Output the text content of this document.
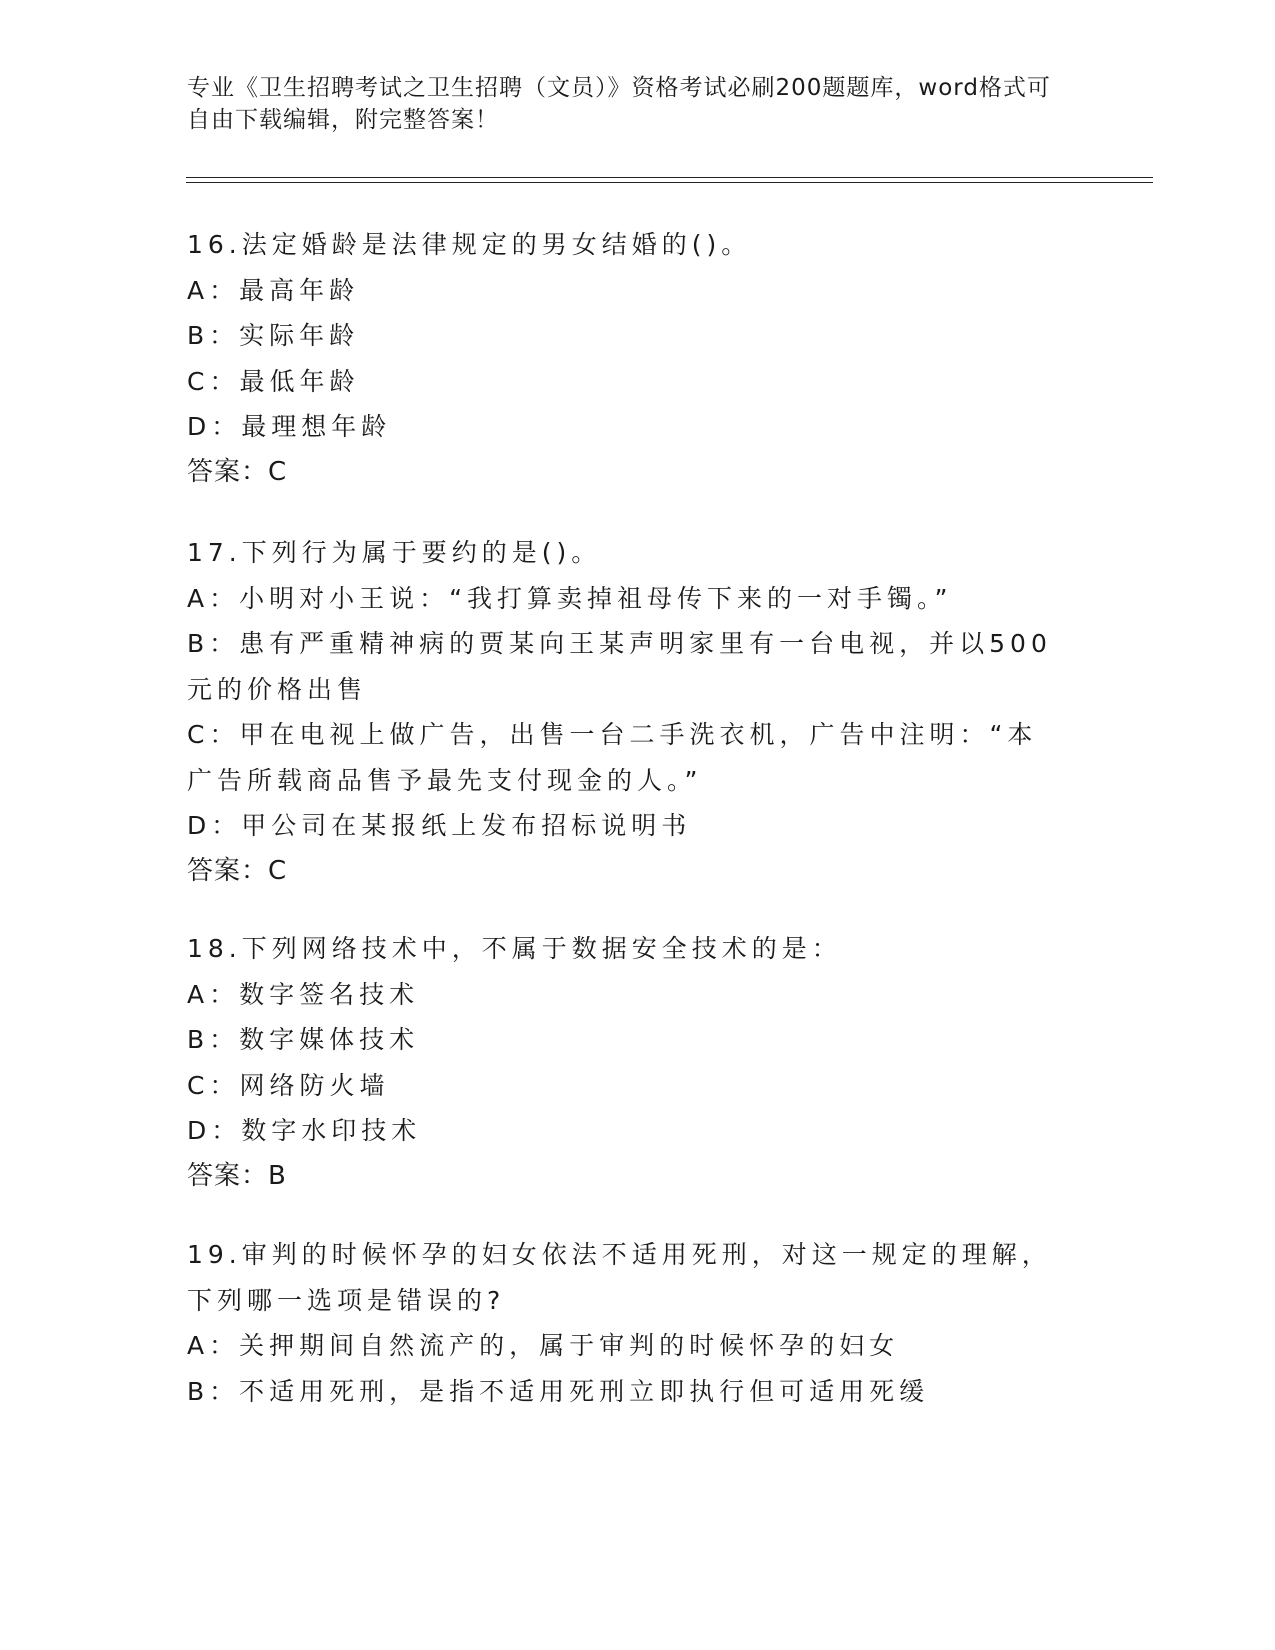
专业《卫生招聘考试之卫生招聘（文员）》资格考试必刷200题题库，word格式可自由下载编辑，附完整答案！
16.法定婚龄是法律规定的男女结婚的()。
A：最高年龄
B：实际年龄
C：最低年龄
D：最理想年龄
答案：C
17.下列行为属于要约的是()。
A：小明对小王说：“我打算卖掉祖母传下来的一对手镯。”
B：患有严重精神病的贾某向王某声明家里有一台电视，并以500元的价格出售
C：甲在电视上做广告，出售一台二手洗衣机，广告中注明：“本广告所载商品售予最先支付现金的人。”
D：甲公司在某报纸上发布招标说明书
答案：C
18.下列网络技术中，不属于数据安全技术的是：
A：数字签名技术
B：数字媒体技术
C：网络防火墙
D：数字水印技术
答案：B
19.审判的时候怀孕的妇女依法不适用死刑，对这一规定的理解，下列哪一选项是错误的?
A：关押期间自然流产的，属于审判的时候怀孕的妇女
B：不适用死刑，是指不适用死刑立即执行但可适用死缓
